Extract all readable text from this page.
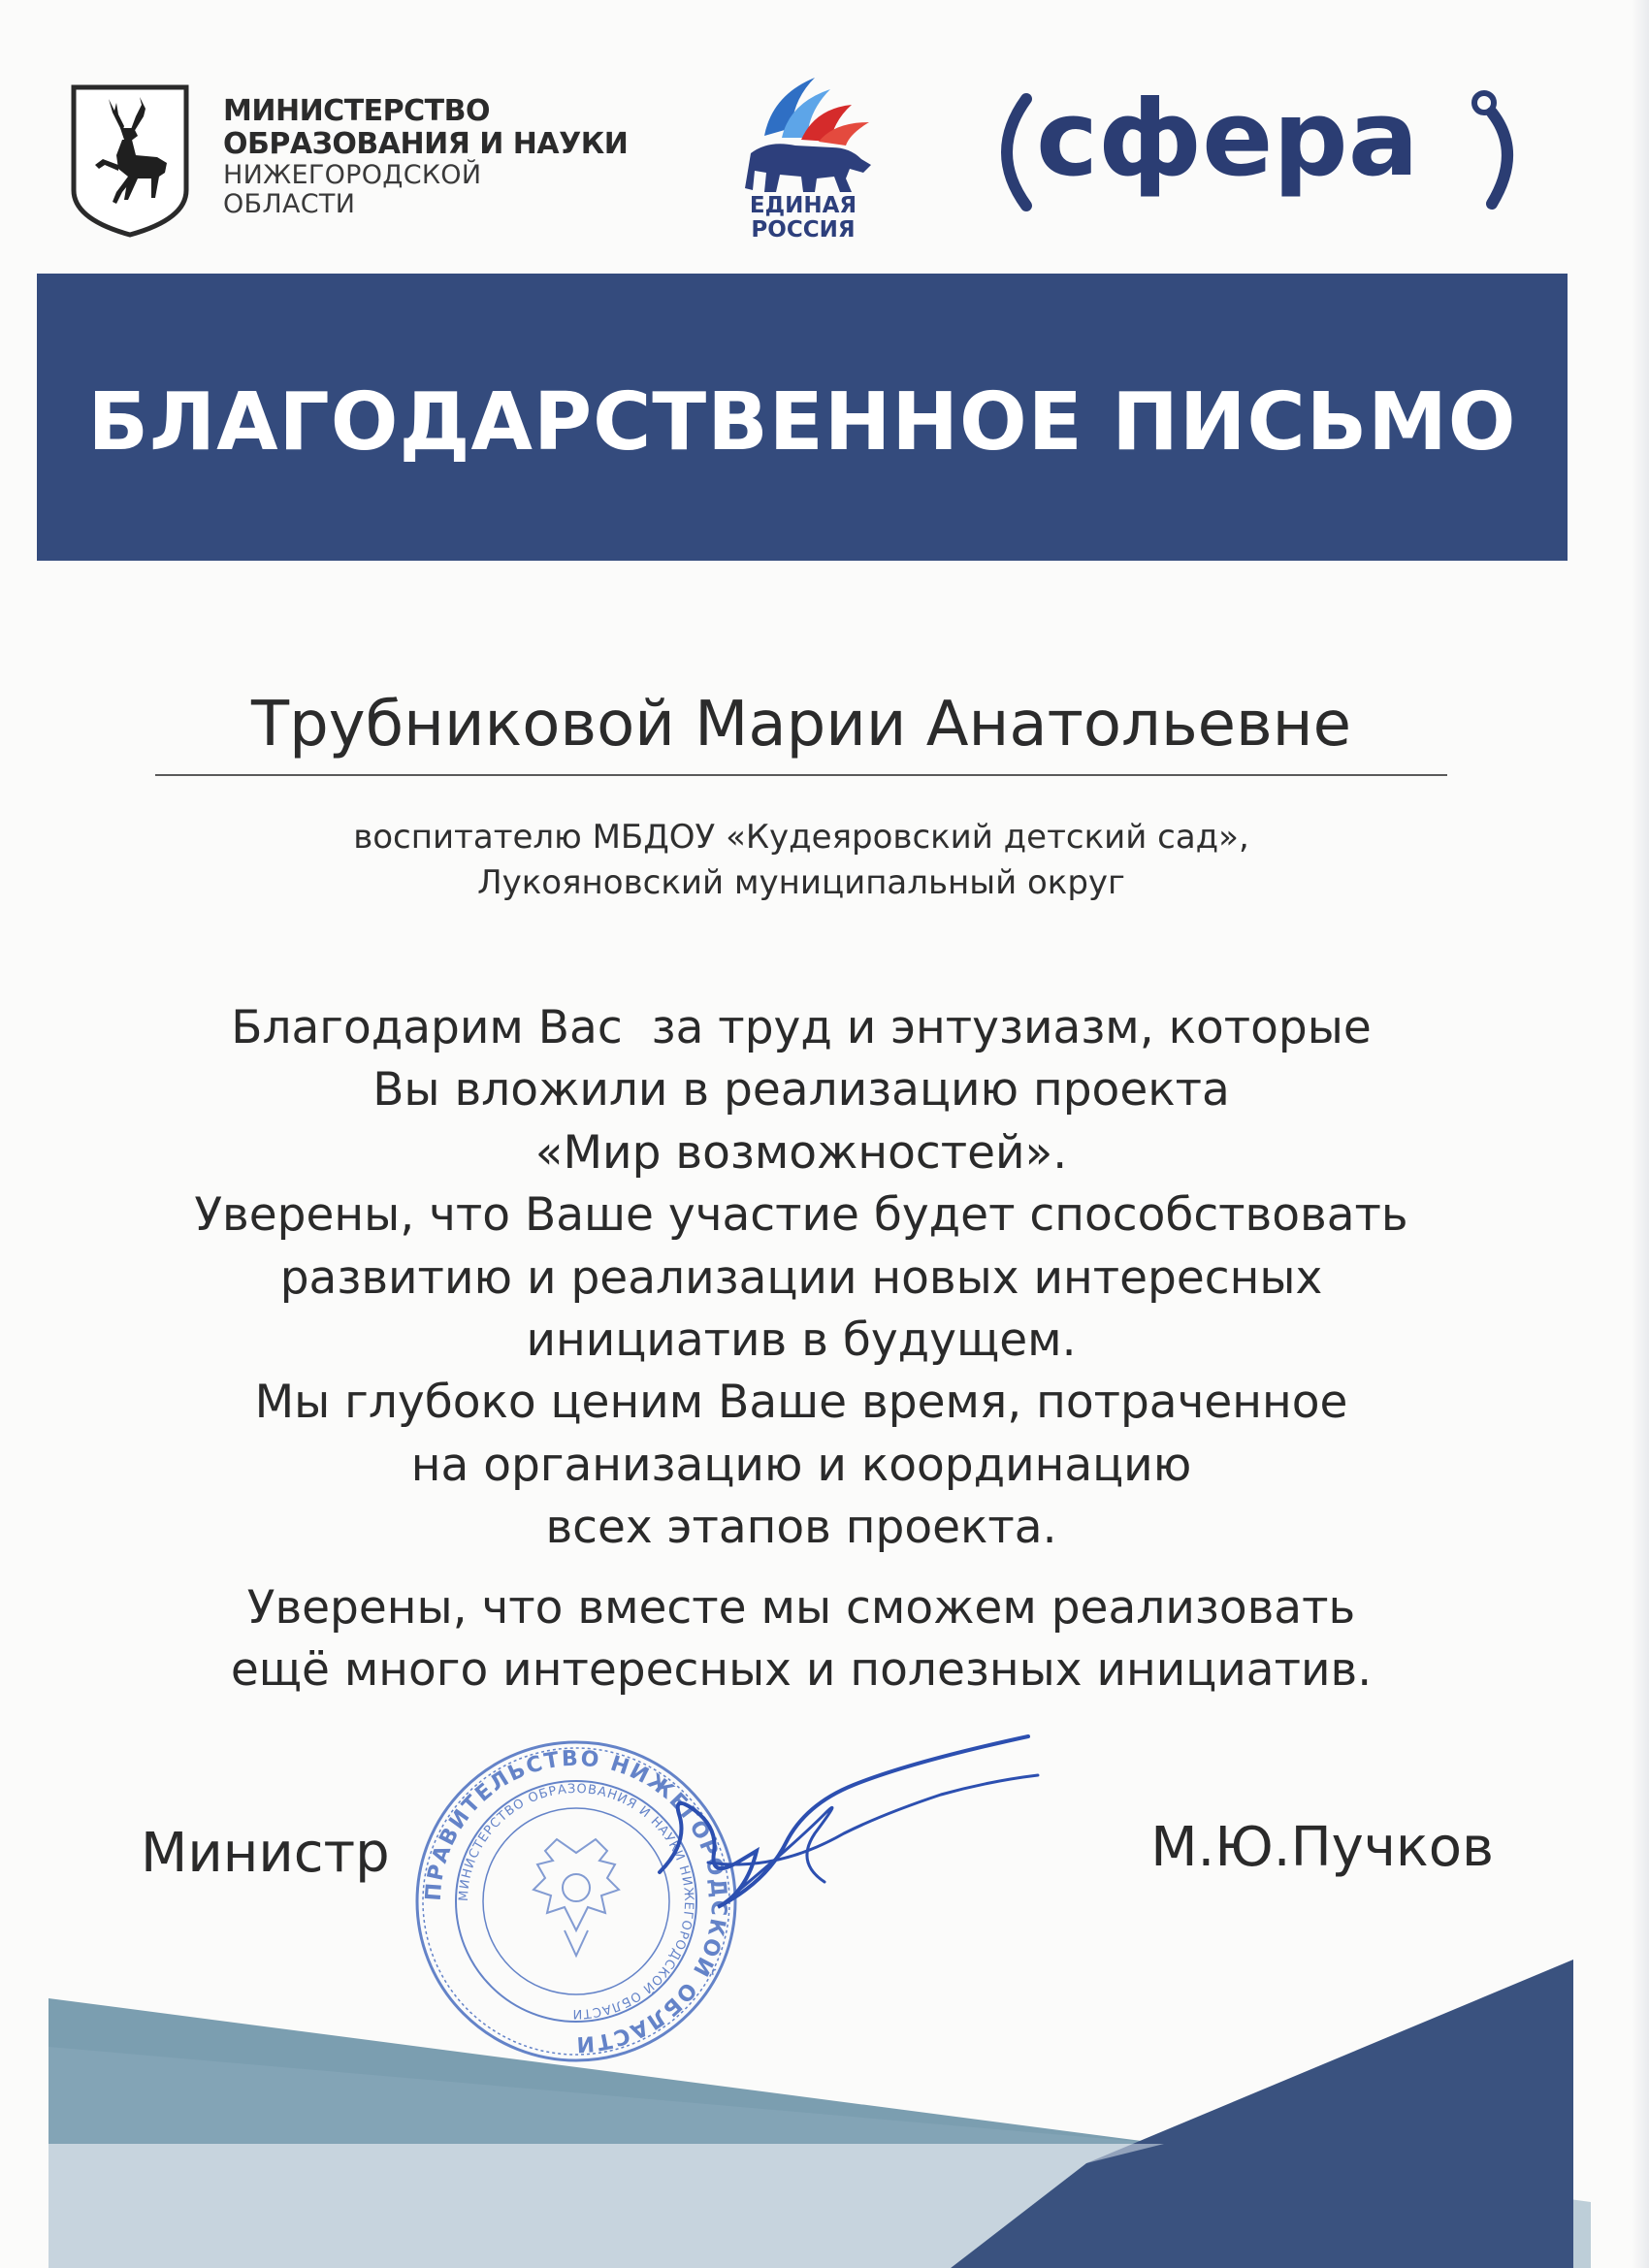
МИНИСТЕРСТВО
ОБРАЗОВАНИЯ И НАУКИ
НИЖЕГОРОДСКОЙ
ОБЛАСТИ	ЕДИНАЯ
РОССИЯ
сфера
БЛАГОДАРСТВЕННОЕ ПИСЬМО
Трубниковой Марии Анатольевне
воспитателю МБДОУ «Кудеяровский детский сад»,
Лукояновский муниципальный округ

Благодарим Вас  за труд и энтузиазм, которые

Вы вложили в реализацию проекта

«Мир возможностей».

Уверены, что Ваше участие будет способствовать

развитию и реализации новых интересных

инициатив в будущем.

Мы глубоко ценим Ваше время, потраченное

на организацию и координацию

всех этапов проекта.

Уверены, что вместе мы сможем реализовать
ещё много интересных и полезных инициатив.
ПРАВИТЕЛЬСТВО НИЖЕГОРОДСКОЙ ОБЛАСТИ
МИНИСТЕРСТВО ОБРАЗОВАНИЯ И НАУКИ НИЖЕГОРОДСКОЙ ОБЛАСТИ
Министр	М.Ю.Пучков
